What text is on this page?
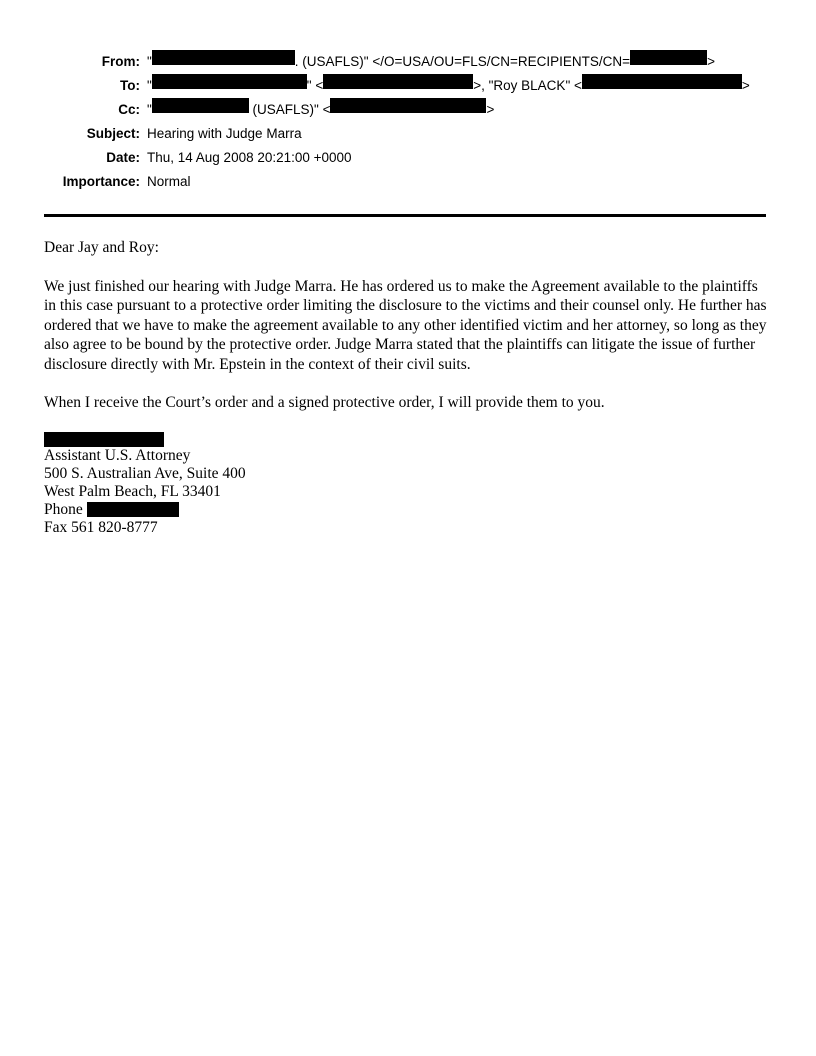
From: "	. (USAFLS)" </O=USA/OU=FLS/CN=RECIPIENTS/CN=	>
To: "	" <	>, "Roy BLACK" <	>
Cc: "	(USAFLS)" <	>
Subject: Hearing with Judge Marra
Date: Thu, 14 Aug 2008 20:21:00 +0000
Importance: Normal

Dear Jay and Roy:

We just finished our hearing with Judge Marra. He has ordered us to make the Agreement available to the plaintiffs in this case pursuant to a protective order limiting the disclosure to the victims and their counsel only. He further has ordered that we have to make the agreement available to any other identified victim and her attorney, so long as they also agree to be bound by the protective order. Judge Marra stated that the plaintiffs can litigate the issue of further disclosure directly with Mr. Epstein in the context of their civil suits.

When I receive the Court’s order and a signed protective order, I will provide them to you.

Assistant U.S. Attorney
500 S. Australian Ave, Suite 400
West Palm Beach, FL 33401
Phone
Fax 561 820-8777
